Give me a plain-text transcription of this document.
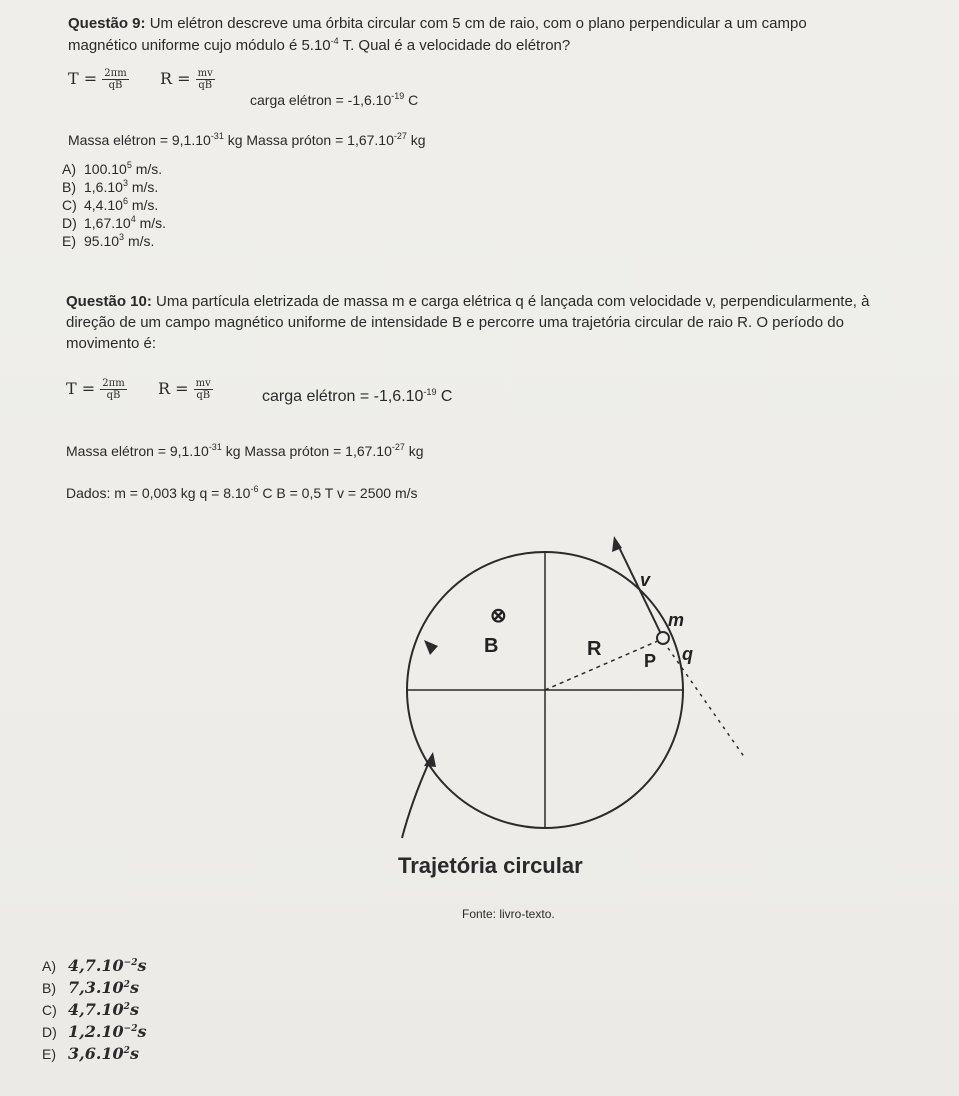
Questão 9: Um elétron descreve uma órbita circular com 5 cm de raio, com o plano perpendicular a um campo
magnético uniforme cujo módulo é $5.10^{-4}$ T. Qual é a velocidade do elétron?
$T = \frac{2\pi m}{qB}$ $R = \frac{mv}{qB}$
carga elétron = $-1,6.10^{-19}$ C
Massa elétron = $9,1.10^{-31}$ kg Massa próton = $1,67.10^{-27}$ kg
A) 100.10$^5$ m/s.
B) 1,6.10$^3$ m/s.
C) 4,4.10$^6$ m/s.
D) 1,67.10$^4$ m/s.
E) 95.10$^3$ m/s.
Questão 10: Uma partícula eletrizada de massa m e carga elétrica q é lançada com velocidade v, perpendicularmente, à
direção de um campo magnético uniforme de intensidade B e percorre uma trajetória circular de raio R. O período do
movimento é:
$T = \frac{2\pi m}{qB}$ $R = \frac{mv}{qB}$	carga elétron = $-1,6.10^{-19}$ C
Massa elétron = $9,1.10^{-31}$ kg Massa próton = $1,67.10^{-27}$ kg
Dados: m = 0,003 kg $q = 8.10^{-6}$ C B = 0,5 T v = 2500 m/s
⊗
B	R
P
v
m
q
Trajetória circular
Fonte: livro-texto.
A) $4,7.10^{-2}s$
B) 7,3.10$^2$s
C) 4,7.10$^2$s
D) $1,2.10^{-2}s$
E) 3,6.10$^2$s
